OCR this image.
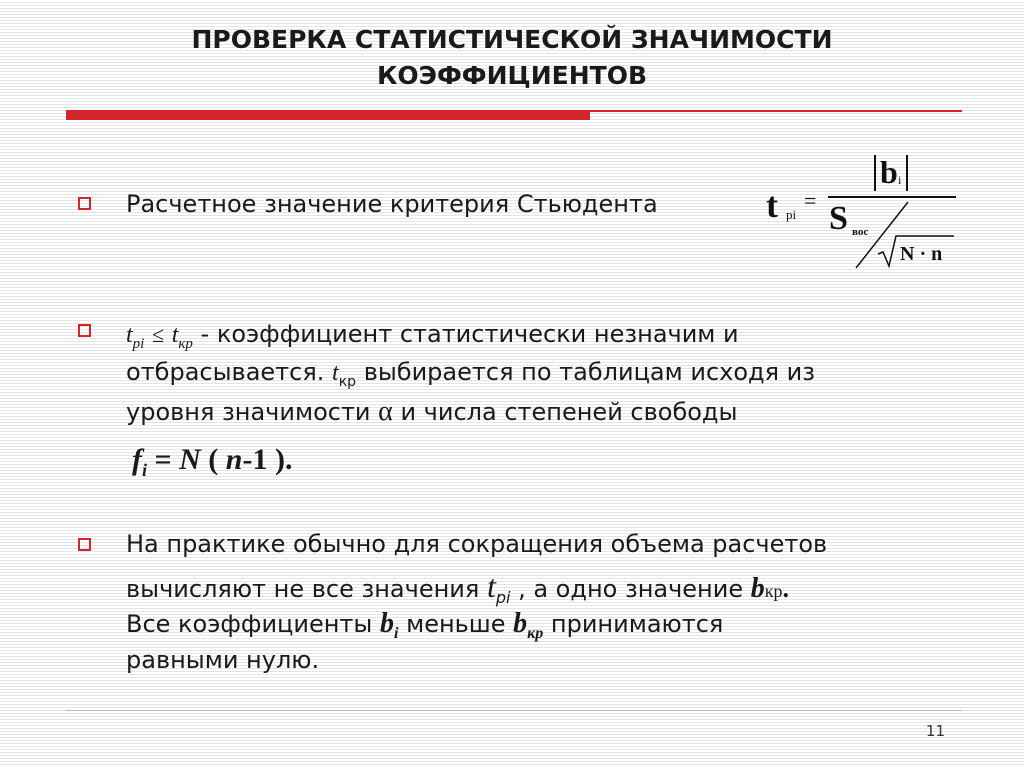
ПРОВЕРКА СТАТИСТИЧЕСКОЙ ЗНАЧИМОСТИ
КОЭФФИЦИЕНТОВ
Расчетное значение критерия Стьюдента	t pi
=
b i
S вос
N · n
$t_{pi} \le t_{кр}$ - коэффициент статистически незначим и
отбрасывается. $t_{кр}$ выбирается по таблицам исходя из
уровня значимости α и числа степеней свободы
$f_i = N$ ( n-1 ).
На практике обычно для сокращения объема расчетов
вычисляют не все значения $t_{pi}$ , а одно значение bкр.
Все коэффициенты $b_i$ меньше $b_{кр}$ принимаются
равными нулю.
11
